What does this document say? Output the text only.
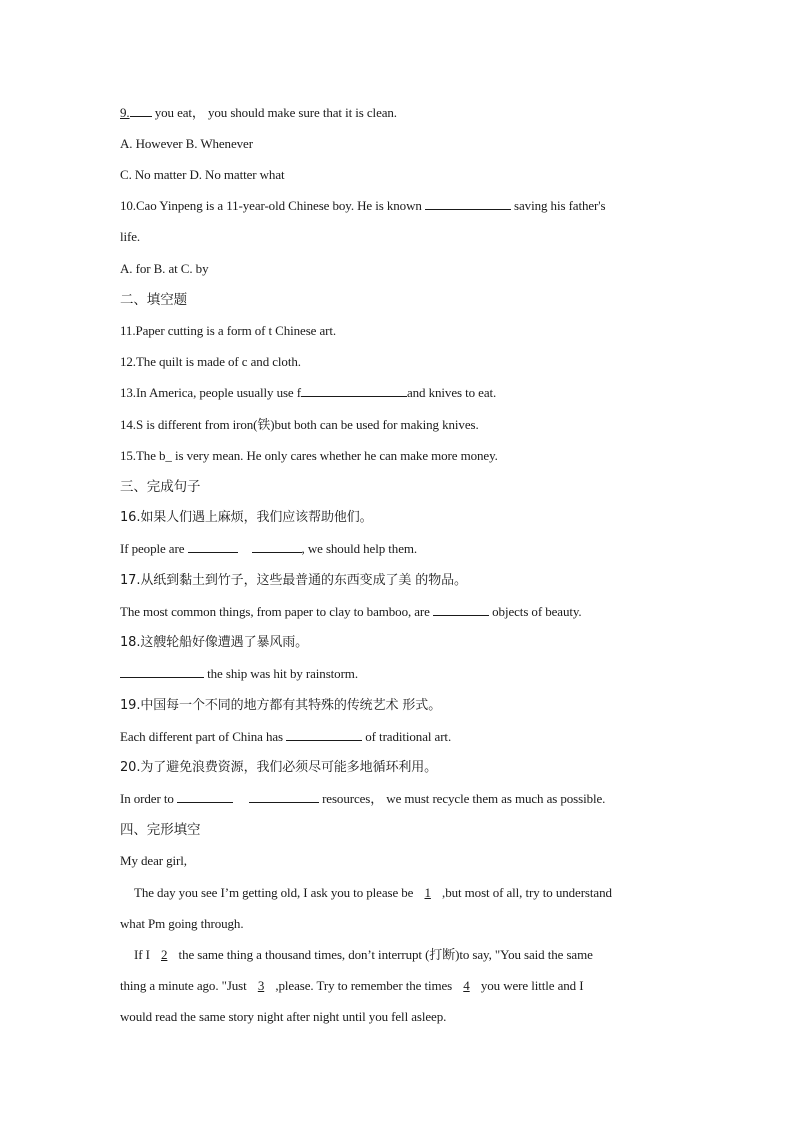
9. you eat， you should make sure that it is clean.
A. However B. Whenever
C. No matter D. No matter what
10.Cao Yinpeng is a 11-year-old Chinese boy. He is known	saving his father's
life.
A. for B. at C. by
二、填空题
11.Paper cutting is a form of t Chinese art.
12.The quilt is made of c and cloth.
13.In America, people usually use f	and knives to eat.
14.S is different from iron(铁)but both can be used for making knives.
15.The b_ is very mean. He only cares whether he can make more money.
三、完成句子
16.如果人们遇上麻烦，我们应该帮助他们。
If people are	, we should help them.
17.从纸到黏土到竹子，这些最普通的东西变成了美 的物品。
The most common things, from paper to clay to bamboo, are	objects of beauty.
18.这艘轮船好像遭遇了暴风雨。
the ship was hit by rainstorm.
19.中国每一个不同的地方都有其特殊的传统艺术 形式。
Each different part of China has	of traditional art.
20.为了避免浪费资源，我们必须尽可能多地循环利用。
In order to	resources， we must recycle them as much as possible.
四、完形填空
My dear girl,
The day you see I’m getting old, I ask you to please be 1 ,but most of all, try to understand
what Pm going through.
If I 2 the same thing a thousand times, don’t interrupt (打断)to say, "You said the same
thing a minute ago. "Just 3 ,please. Try to remember the times 4 you were little and I
would read the same story night after night until you fell asleep.
